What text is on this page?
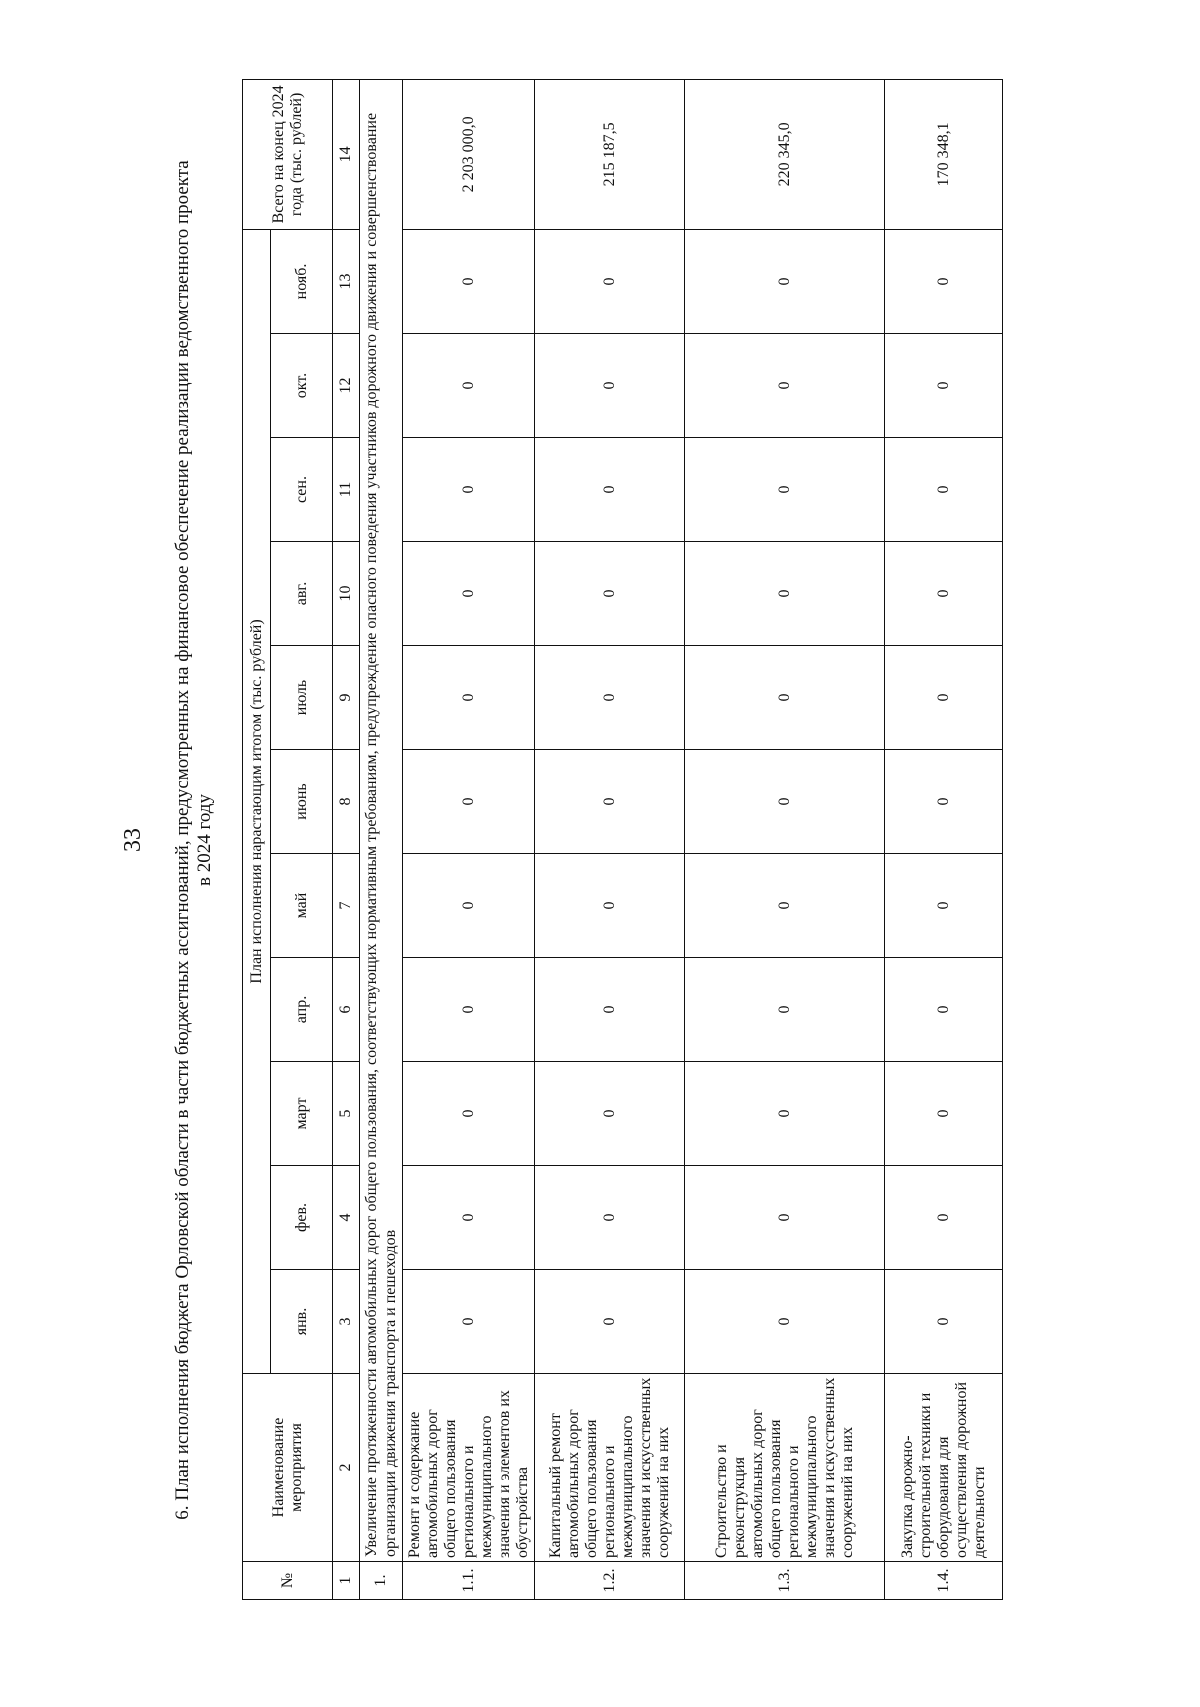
33 6. План исполнения бюджета Орловской области в части бюджетных ассигнований, предусмотренных на финансовое обеспечение реализации ведомственного проекта в 2024 году
№	Наименование мероприятия	План исполнения нарастающим итогом (тыс. рублей)											Всего на конец 2024 года (тыс. рублей)
		янв.	фев.	март	апр.	май	июнь	июль	авг.	сен.	окт.	нояб.	
1	2	3	4	5	6	7	8	9	10	11	12	13	14
1.	Увеличение протяженности автомобильных дорог общего пользования, соответствующих нормативным требованиям, предупреждение опасного поведения участников дорожного движения и совершенствование организации движения транспорта и пешеходов												
1.1.	Ремонт и содержание автомобильных дорог общего пользования регионального и межмуниципального значения и элементов их обустройства	0	0	0	0	0	0	0	0	0	0	0	2 203 000,0
1.2.	Капитальный ремонт автомобильных дорог общего пользования регионального и межмуниципального значения и искусственных сооружений на них	0	0	0	0	0	0	0	0	0	0	0	215 187,5
1.3.	Строительство и реконструкция автомобильных дорог общего пользования регионального и межмуниципального значения и искусственных сооружений на них	0	0	0	0	0	0	0	0	0	0	0	220 345,0
1.4.	Закупка дорожно-строительной техники и оборудования для осуществления дорожной деятельности	0	0	0	0	0	0	0	0	0	0	0	170 348,1
